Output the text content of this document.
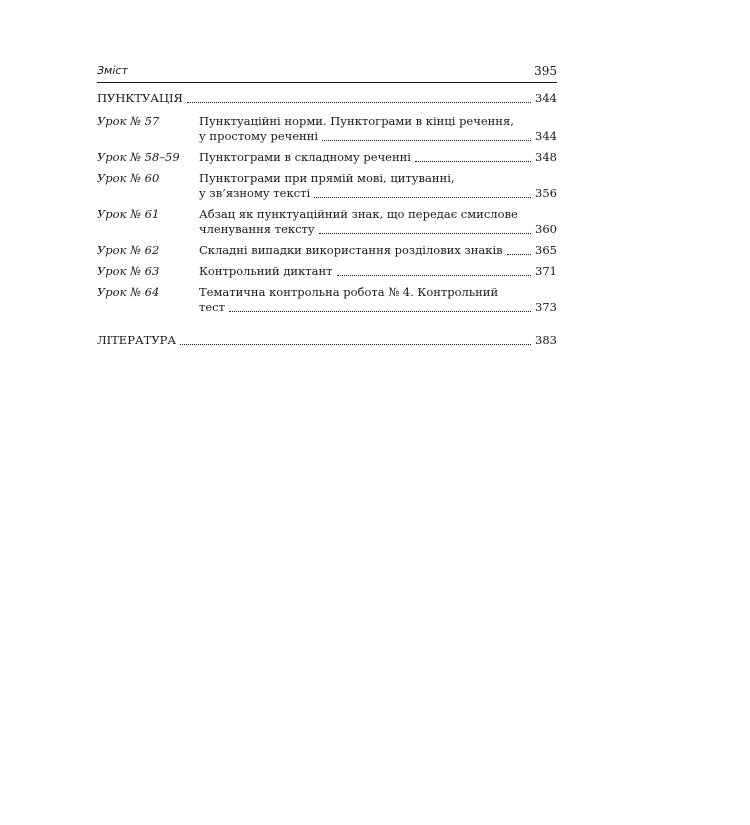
Зміст	395
ПУНКТУАЦІЯ	344
Урок № 57	Пунктуаційні норми. Пунктограми в кінці речення,
у простому реченні	344
Урок № 58–59	Пунктограми в складному реченні	348
Урок № 60	Пунктограми при прямій мові, цитуванні,
у зв’язному тексті	356
Урок № 61	Абзац як пунктуаційний знак, що передає смислове
членування тексту	360
Урок № 62	Складні випадки використання розділових знаків	365
Урок № 63	Контрольний диктант	371
Урок № 64	Тематична контрольна робота № 4. Контрольний
тест	373
ЛІТЕРАТУРА	383
